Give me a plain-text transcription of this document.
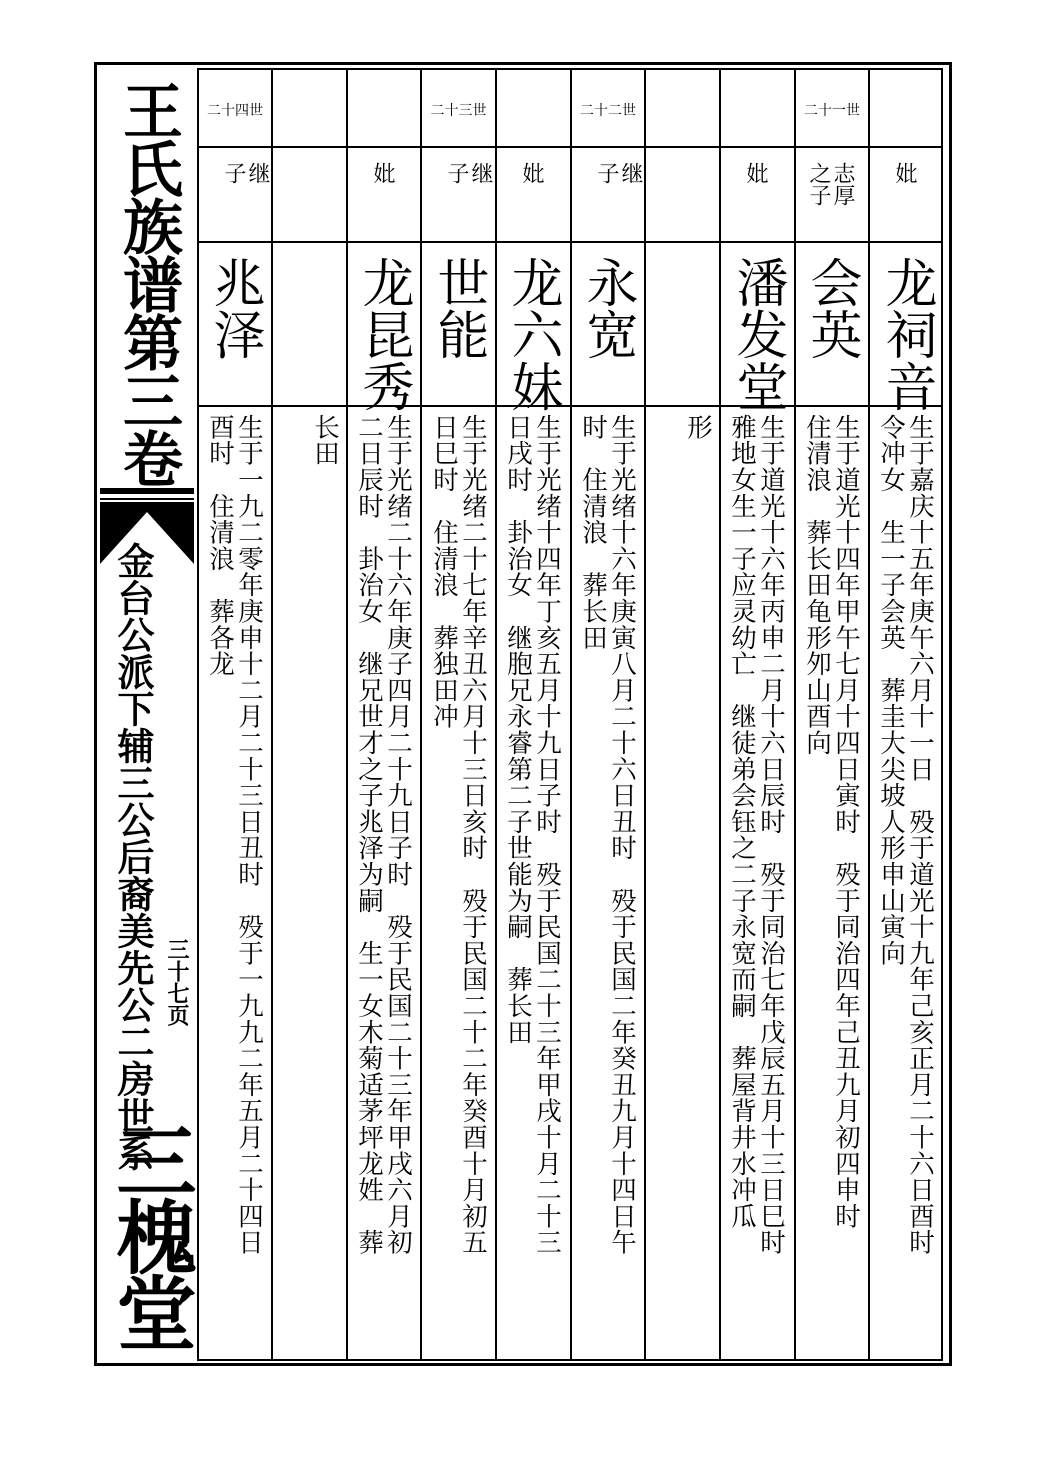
王氏族谱第三卷
金台公派下辅三公后裔美先公二房世系 三十七页
三槐堂
妣
龙祠音
生于嘉庆十五年庚午六月十一日　殁于道光十九年己亥正月二十六日酉时
令冲女　生一子会英　葬圭大尖坡人形申山寅向
二十一世
志厚
之子
会英
生于道光十四年甲午七月十四日寅时　殁于同治四年己丑九月初四申时
住清浪　葬长田龟形夘山酉向
妣
潘发堂
生于道光十六年丙申二月十六日辰时　殁于同治七年戊辰五月十三日巳时
雅地女生一子应灵幼亡　继徒弟会钰之二子永宽而嗣　葬屋背井水冲瓜
形
二十二世
继
子
永宽
生于光绪十六年庚寅八月二十六日丑时　殁于民国二年癸丑九月十四日午
时　住清浪　葬长田
妣
龙六妹
生于光绪十四年丁亥五月十九日子时　殁于民国二十三年甲戌十月二十三
日戌时　卦治女　继胞兄永睿第二子世能为嗣　葬长田
二十三世
继
子
世能
生于光绪二十七年辛丑六月十三日亥时　殁于民国二十二年癸酉十月初五
日巳时　住清浪　葬独田冲
妣
龙昆秀
生于光绪二十六年庚子四月二十九日子时　殁于民国二十三年甲戌六月初
二日辰时　卦治女　继兄世才之子兆泽为嗣　生一女木菊适茅坪龙姓　葬
长田
二十四世
继
子
兆泽
生于一九二零年庚申十二月二十三日丑时　殁于一九九二年五月二十四日
酉时　住清浪　葬各龙
